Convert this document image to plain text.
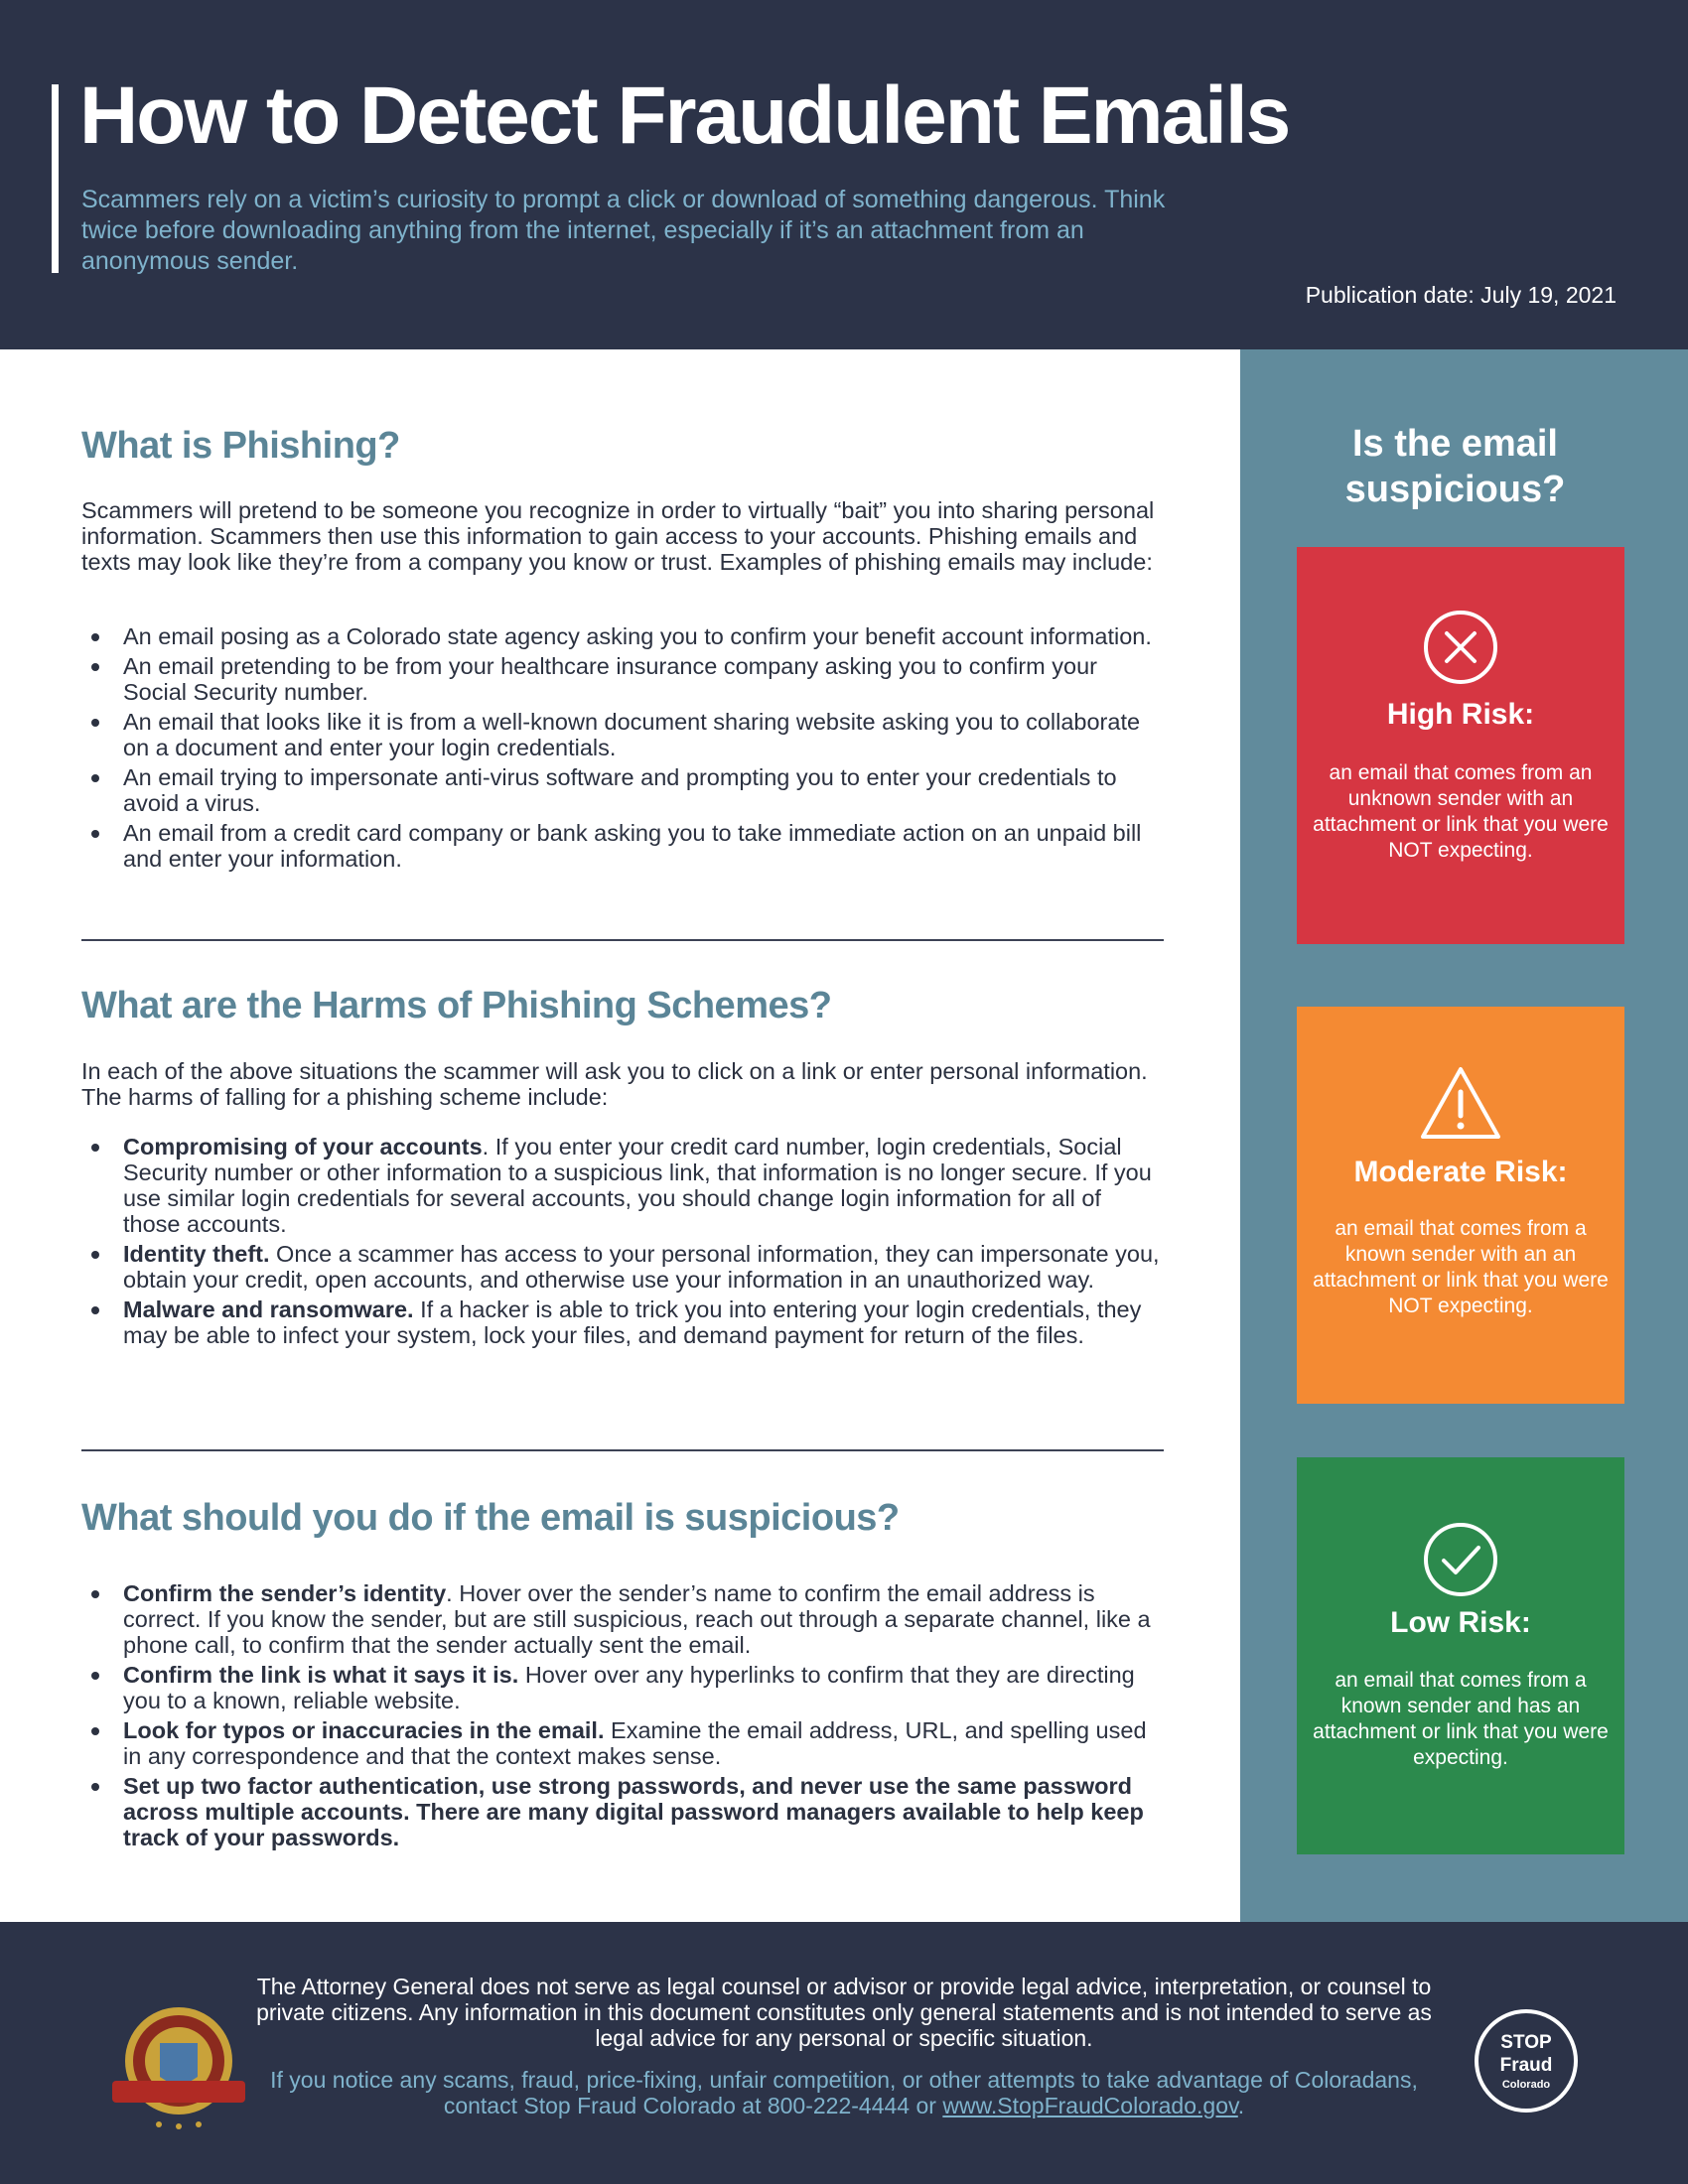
How to Detect Fraudulent Emails

Scammers rely on a victim’s curiosity to prompt a click or download of something dangerous. Think twice before downloading anything from the internet, especially if it’s an attachment from an anonymous sender.

Publication date: July 19, 2021
What is Phishing?

Scammers will pretend to be someone you recognize in order to virtually “bait” you into sharing personal information. Scammers then use this information to gain access to your accounts. Phishing emails and texts may look like they’re from a company you know or trust. Examples of phishing emails may include:

An email posing as a Colorado state agency asking you to confirm your benefit account information.
An email pretending to be from your healthcare insurance company asking you to confirm your Social Security number.
An email that looks like it is from a well-known document sharing website asking you to collaborate on a document and enter your login credentials.
An email trying to impersonate anti-virus software and prompting you to enter your credentials to avoid a virus.
An email from a credit card company or bank asking you to take immediate action on an unpaid bill and enter your information.
What are the Harms of Phishing Schemes?

In each of the above situations the scammer will ask you to click on a link or enter personal information. The harms of falling for a phishing scheme include:

Compromising of your accounts. If you enter your credit card number, login credentials, Social Security number or other information to a suspicious link, that information is no longer secure. If you use similar login credentials for several accounts, you should change login information for all of those accounts.
Identity theft. Once a scammer has access to your personal information, they can impersonate you, obtain your credit, open accounts, and otherwise use your information in an unauthorized way.
Malware and ransomware. If a hacker is able to trick you into entering your login credentials, they may be able to infect your system, lock your files, and demand payment for return of the files.
What should you do if the email is suspicious?
Confirm the sender’s identity. Hover over the sender’s name to confirm the email address is correct. If you know the sender, but are still suspicious, reach out through a separate channel, like a phone call, to confirm that the sender actually sent the email.
Confirm the link is what it says it is. Hover over any hyperlinks to confirm that they are directing you to a known, reliable website.
Look for typos or inaccuracies in the email. Examine the email address, URL, and spelling used in any correspondence and that the context makes sense.
Set up two factor authentication, use strong passwords, and never use the same password across multiple accounts. There are many digital password managers available to help keep track of your passwords.
Is the email suspicious?
High Risk:
an email that comes from an unknown sender with an attachment or link that you were NOT expecting.
Moderate Risk:
an email that comes from a known sender with an an attachment or link that you were NOT expecting.
Low Risk:
an email that comes from a known sender and has an attachment or link that you were expecting.

The Attorney General does not serve as legal counsel or advisor or provide legal advice, interpretation, or counsel to private citizens. Any information in this document constitutes only general statements and is not intended to serve as legal advice for any personal or specific situation.

If you notice any scams, fraud, price-fixing, unfair competition, or other attempts to take advantage of Coloradans, contact Stop Fraud Colorado at 800-222-4444 or www.StopFraudColorado.gov.

STOP
Fraud
Colorado
